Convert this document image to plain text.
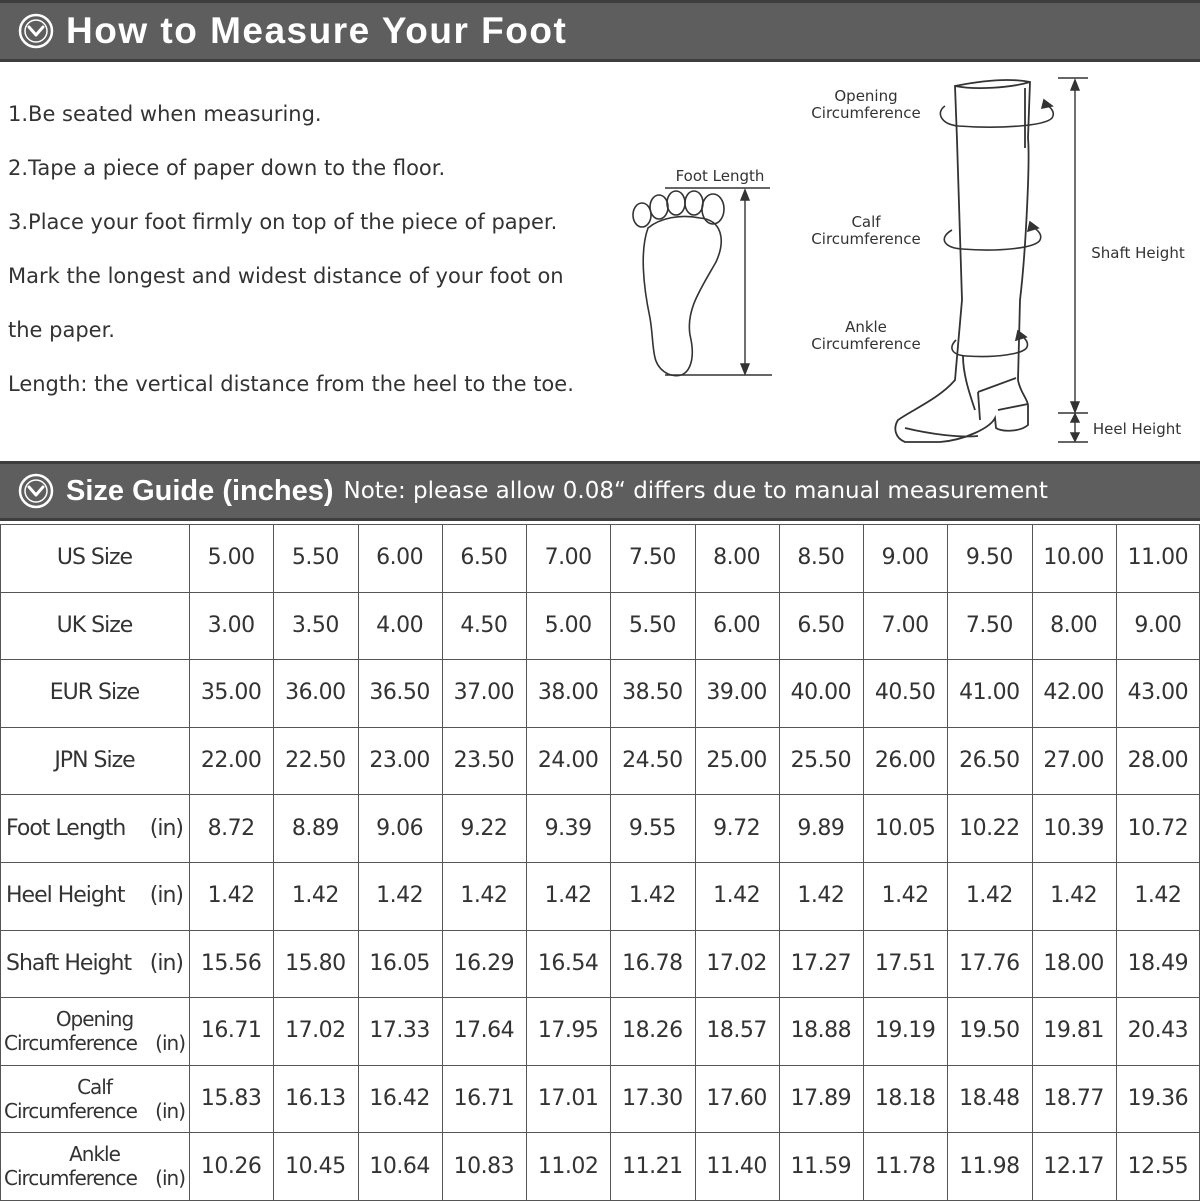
How to Measure Your Foot

1.Be seated when measuring.

2.Tape a piece of paper down to the floor.

3.Place your foot firmly on top of the piece of paper.

Mark the longest and widest distance of your foot on

the paper.

Length: the vertical distance from the heel to the toe.

Foot Length
Opening
Circumference
Calf
Circumference
Ankle
Circumference
Shaft Height
Heel Height
Size Guide (inches) Note: please allow 0.08“ differs due to manual measurement
US Size	5.00	5.50	6.00	6.50	7.00	7.50	8.00	8.50	9.00	9.50	10.00	11.00
UK Size	3.00	3.50	4.00	4.50	5.00	5.50	6.00	6.50	7.00	7.50	8.00	9.00
EUR Size	35.00	36.00	36.50	37.00	38.00	38.50	39.00	40.00	40.50	41.00	42.00	43.00
JPN Size	22.00	22.50	23.00	23.50	24.00	24.50	25.00	25.50	26.00	26.50	27.00	28.00
Foot Length (in)	8.72	8.89	9.06	9.22	9.39	9.55	9.72	9.89	10.05	10.22	10.39	10.72
Heel Height (in)	1.42	1.42	1.42	1.42	1.42	1.42	1.42	1.42	1.42	1.42	1.42	1.42
Shaft Height (in) 15.56	15.80	16.05	16.29	16.54	16.78	17.02	17.27	17.51	17.76	18.00	18.49
Opening
Circumference (in) 16.71	17.02	17.33	17.64	17.95	18.26	18.57	18.88	19.19	19.50	19.81	20.43
Calf
Circumference (in) 15.83	16.13	16.42	16.71	17.01	17.30	17.60	17.89	18.18	18.48	18.77	19.36
Ankle
Circumference (in) 10.26	10.45	10.64	10.83	11.02	11.21	11.40	11.59	11.78	11.98	12.17	12.55
